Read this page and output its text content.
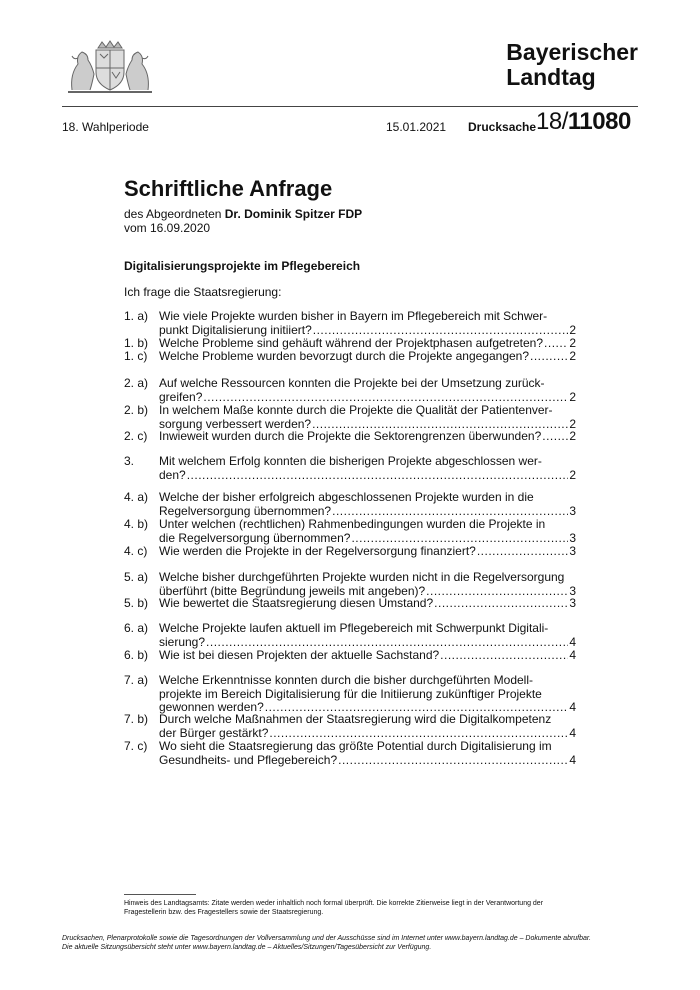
Bayerischer
Landtag
18. Wahlperiode	15.01.2021 Drucksache 18/11080
Schriftliche Anfrage
des Abgeordneten Dr. Dominik Spitzer FDP
vom 16.09.2020
Digitalisierungsprojekte im Pflegebereich
Ich frage die Staatsregierung:
1. a) Wie viele Projekte wurden bisher in Bayern im Pflegebereich mit Schwer-
punkt Digitalisierung initiiert? .....	2
1. b) Welche Probleme sind gehäuft während der Projektphasen aufgetreten? ..... 2
1. c) Welche Probleme wurden bevorzugt durch die Projekte angegangen? .....	2
2. a) Auf welche Ressourcen konnten die Projekte bei der Umsetzung zurück-
greifen? .....	2
2. b) In welchem Maße konnte durch die Projekte die Qualität der Patientenver-
sorgung verbessert werden? .....	2
2. c) Inwieweit wurden durch die Projekte die Sektorengrenzen überwunden? ..... 2
3. Mit welchem Erfolg konnten die bisherigen Projekte abgeschlossen wer-
den? .....	2
4. a) Welche der bisher erfolgreich abgeschlossenen Projekte wurden in die
Regelversorgung übernommen? .....	3
4. b) Unter welchen (rechtlichen) Rahmenbedingungen wurden die Projekte in
die Regelversorgung übernommen? .....	3
4. c) Wie werden die Projekte in der Regelversorgung finanziert? .....	3
5. a) Welche bisher durchgeführten Projekte wurden nicht in die Regelversorgung
überführt (bitte Begründung jeweils mit angeben)? .....	3
5. b) Wie bewertet die Staatsregierung diesen Umstand? .....	3
6. a) Welche Projekte laufen aktuell im Pflegebereich mit Schwerpunkt Digitali-
sierung? .....	4
6. b) Wie ist bei diesen Projekten der aktuelle Sachstand? .....	4
7. a) Welche Erkenntnisse konnten durch die bisher durchgeführten Modell-
projekte im Bereich Digitalisierung für die Initiierung zukünftiger Projekte
gewonnen werden? .....	4
7. b) Durch welche Maßnahmen der Staatsregierung wird die Digitalkompetenz
der Bürger gestärkt? .....	4
7. c) Wo sieht die Staatsregierung das größte Potential durch Digitalisierung im
Gesundheits- und Pflegebereich? .....	4
Hinweis des Landtagsamts: Zitate werden weder inhaltlich noch formal überprüft. Die korrekte Zitierweise liegt in der Verantwortung der Fragestellerin bzw. des Fragestellers sowie der Staatsregierung.
Drucksachen, Plenarprotokolle sowie die Tagesordnungen der Vollversammlung und der Ausschüsse sind im Internet unter www.bayern.landtag.de – Dokumente abrufbar.
Die aktuelle Sitzungsübersicht steht unter www.bayern.landtag.de – Aktuelles/Sitzungen/Tagesübersicht zur Verfügung.
